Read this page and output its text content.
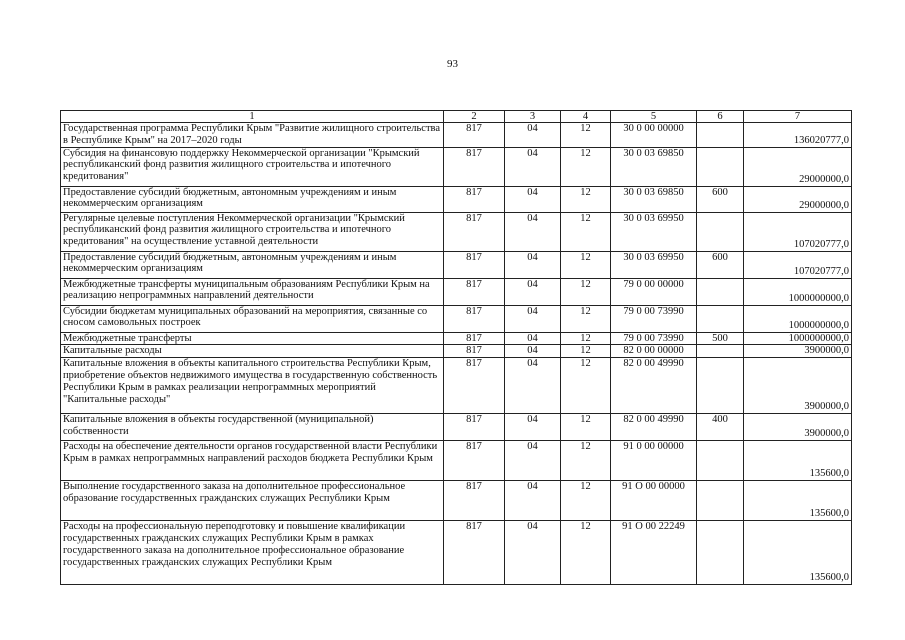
93
1	2	3	4	5	6	7
Государственная программа Республики Крым "Развитие жилищного строительства в Республике Крым" на 2017–2020 годы	817	04	12	30 0 00 00000		136020777,0
Субсидия на финансовую поддержку Некоммерческой организации "Крымский республиканский фонд развития жилищного строительства и ипотечного кредитования"	817	04	12	30 0 03 69850		29000000,0
Предоставление субсидий бюджетным, автономным учреждениям и иным некоммерческим организациям	817	04	12	30 0 03 69850	600	29000000,0
Регулярные целевые поступления Некоммерческой организации "Крымский республиканский фонд развития жилищного строительства и ипотечного кредитования" на осуществление уставной деятельности	817	04	12	30 0 03 69950		107020777,0
Предоставление субсидий бюджетным, автономным учреждениям и иным некоммерческим организациям	817	04	12	30 0 03 69950	600	107020777,0
Межбюджетные трансферты муниципальным образованиям Республики Крым на реализацию непрограммных направлений деятельности	817	04	12	79 0 00 00000		1000000000,0
Субсидии бюджетам муниципальных образований на мероприятия, связанные со сносом самовольных построек	817	04	12	79 0 00 73990		1000000000,0
Межбюджетные трансферты	817	04	12	79 0 00 73990	500	1000000000,0
Капитальные расходы	817	04	12	82 0 00 00000		3900000,0
Капитальные вложения в объекты капитального строительства Республики Крым, приобретение объектов недвижимого имущества в государственную собственность Республики Крым в рамках реализации непрограммных мероприятий "Капитальные расходы"	817	04	12	82 0 00 49990		3900000,0
Капитальные вложения в объекты государственной (муниципальной) собственности	817	04	12	82 0 00 49990	400	3900000,0
Расходы на обеспечение деятельности органов государственной власти Республики Крым в рамках непрограммных направлений расходов бюджета Республики Крым	817	04	12	91 0 00 00000		135600,0
Выполнение государственного заказа на дополнительное профессиональное образование государственных гражданских служащих Республики Крым	817	04	12	91 О 00 00000		135600,0
Расходы на профессиональную переподготовку и повышение квалификации государственных гражданских служащих Республики Крым в рамках государственного заказа на дополнительное профессиональное образование государственных гражданских служащих Республики Крым	817	04	12	91 О 00 22249		135600,0
